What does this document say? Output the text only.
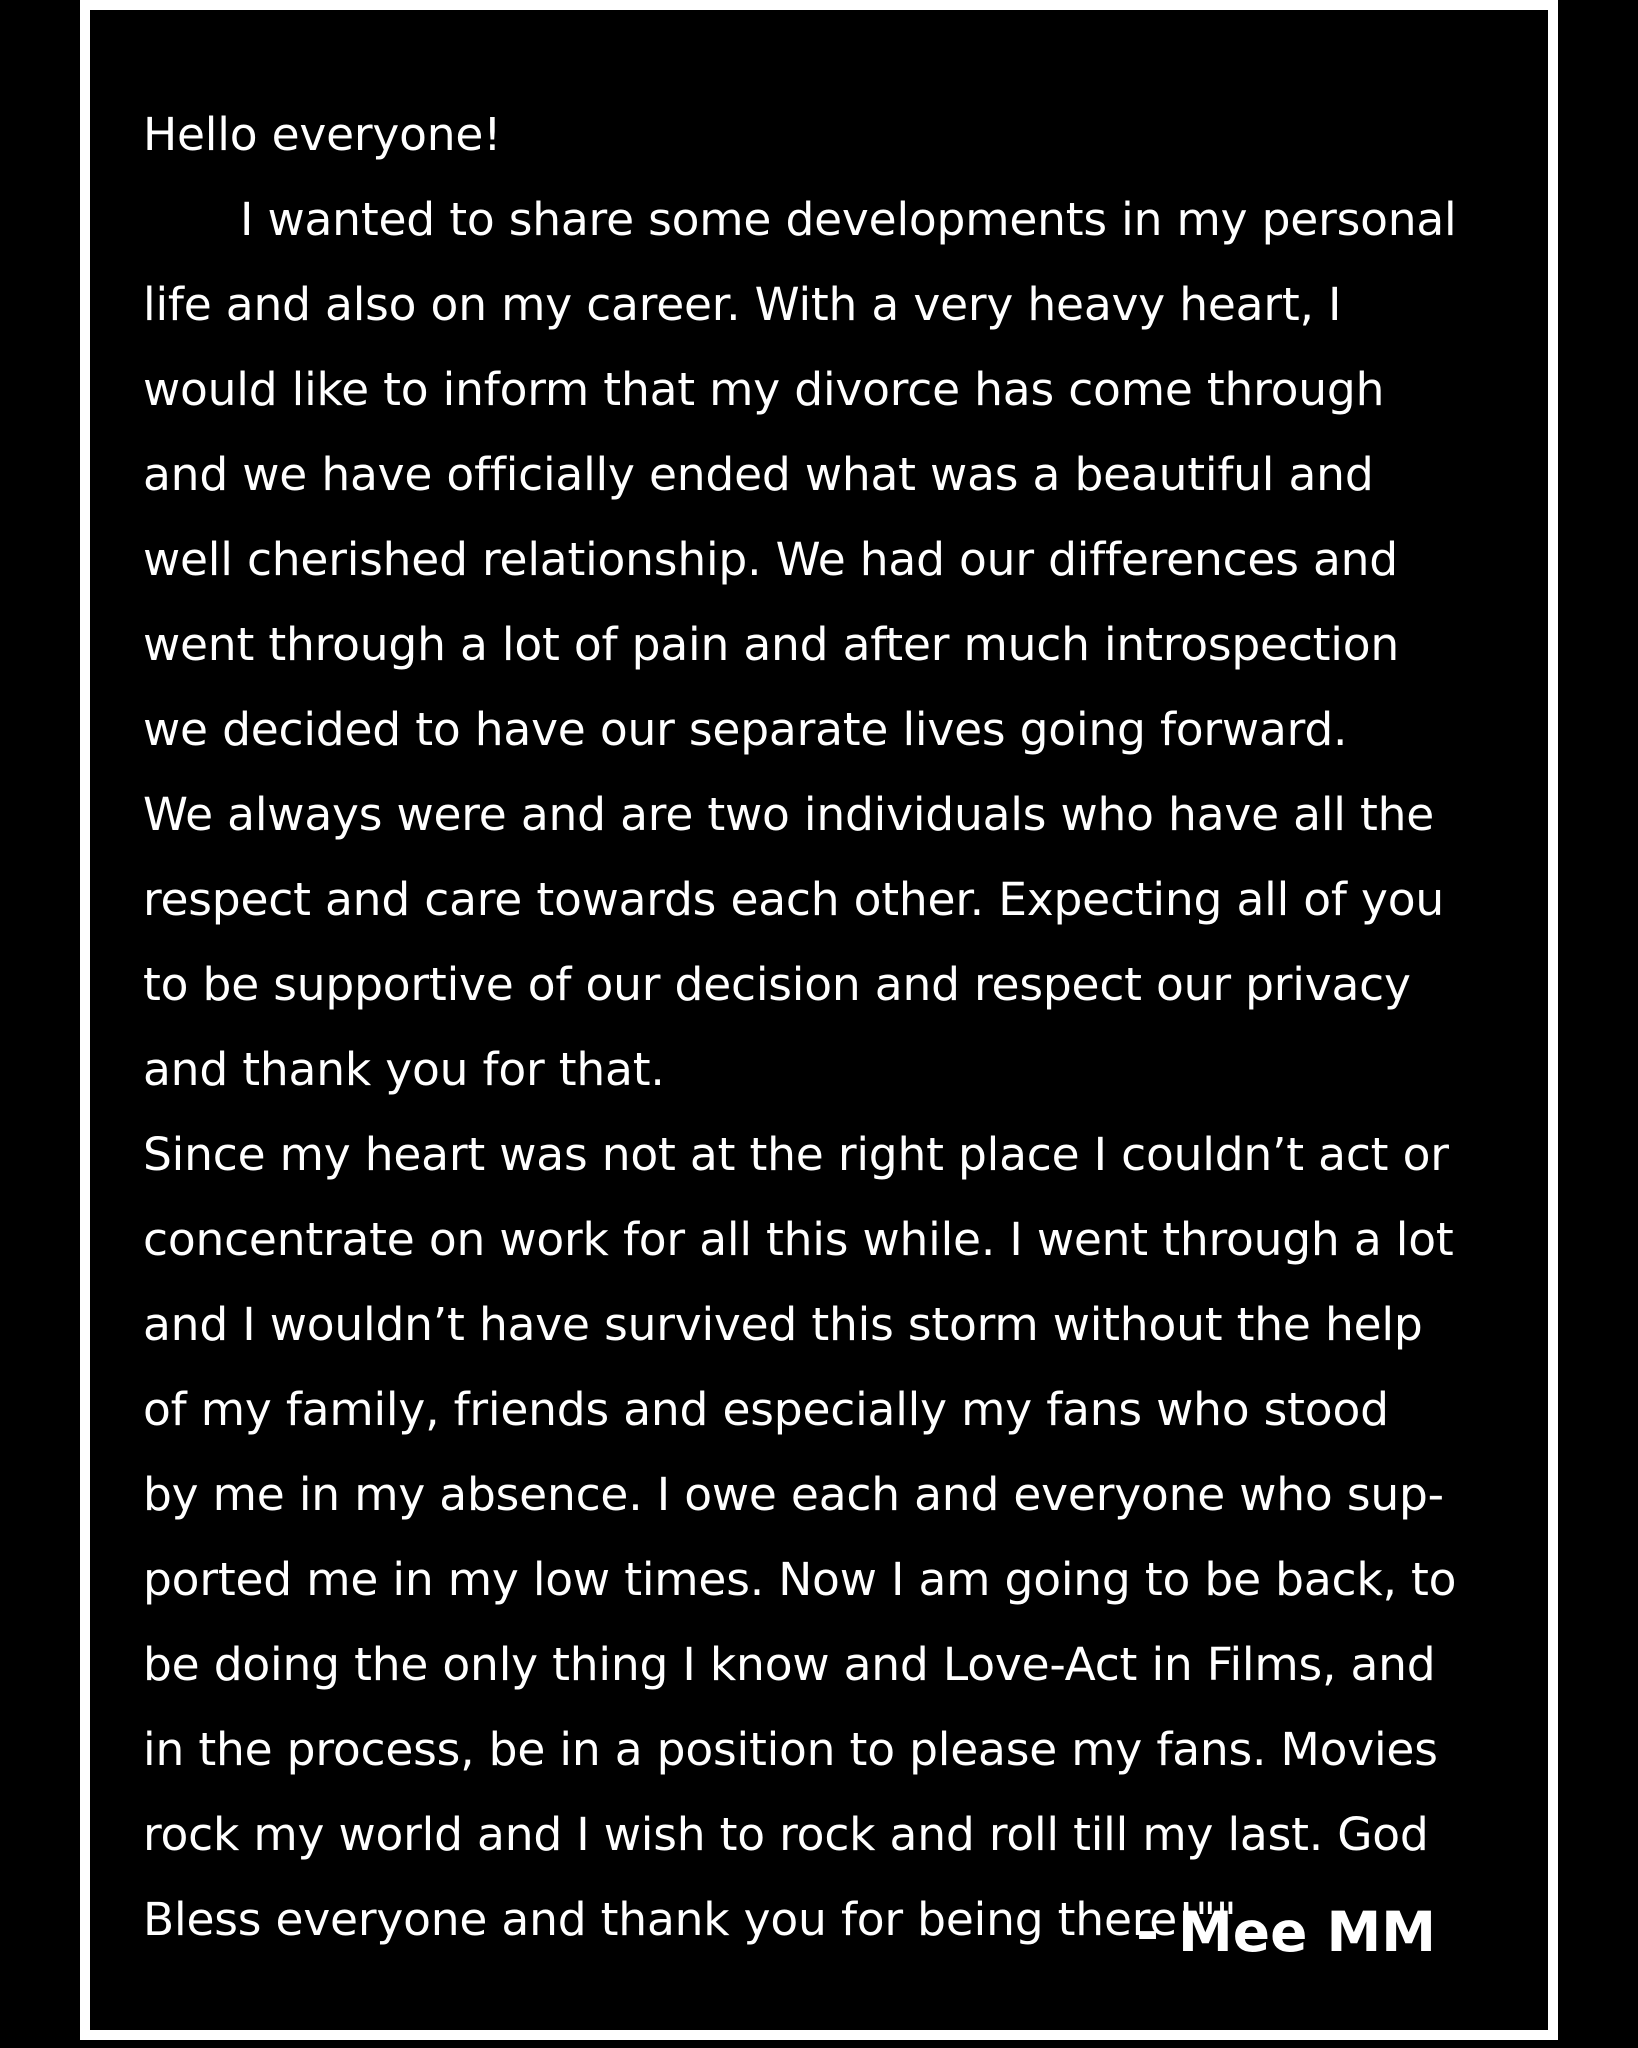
Hello everyone!
I wanted to share some developments in my personal
life and also on my career. With a very heavy heart, I
would like to inform that my divorce has come through
and we have officially ended what was a beautiful and
well cherished relationship. We had our differences and
went through a lot of pain and after much introspection
we decided to have our separate lives going forward.
We always were and are two individuals who have all the
respect and care towards each other. Expecting all of you
to be supportive of our decision and respect our privacy
and thank you for that.
Since my heart was not at the right place I couldn’t act or
concentrate on work for all this while. I went through a lot
and I wouldn’t have survived this storm without the help
of my family, friends and especially my fans who stood
by me in my absence. I owe each and everyone who sup-
ported me in my low times. Now I am going to be back, to
be doing the only thing I know and Love-Act in Films, and
in the process, be in a position to please my fans. Movies
rock my world and I wish to rock and roll till my last. God
Bless everyone and thank you for being there!""
- Mee MM
